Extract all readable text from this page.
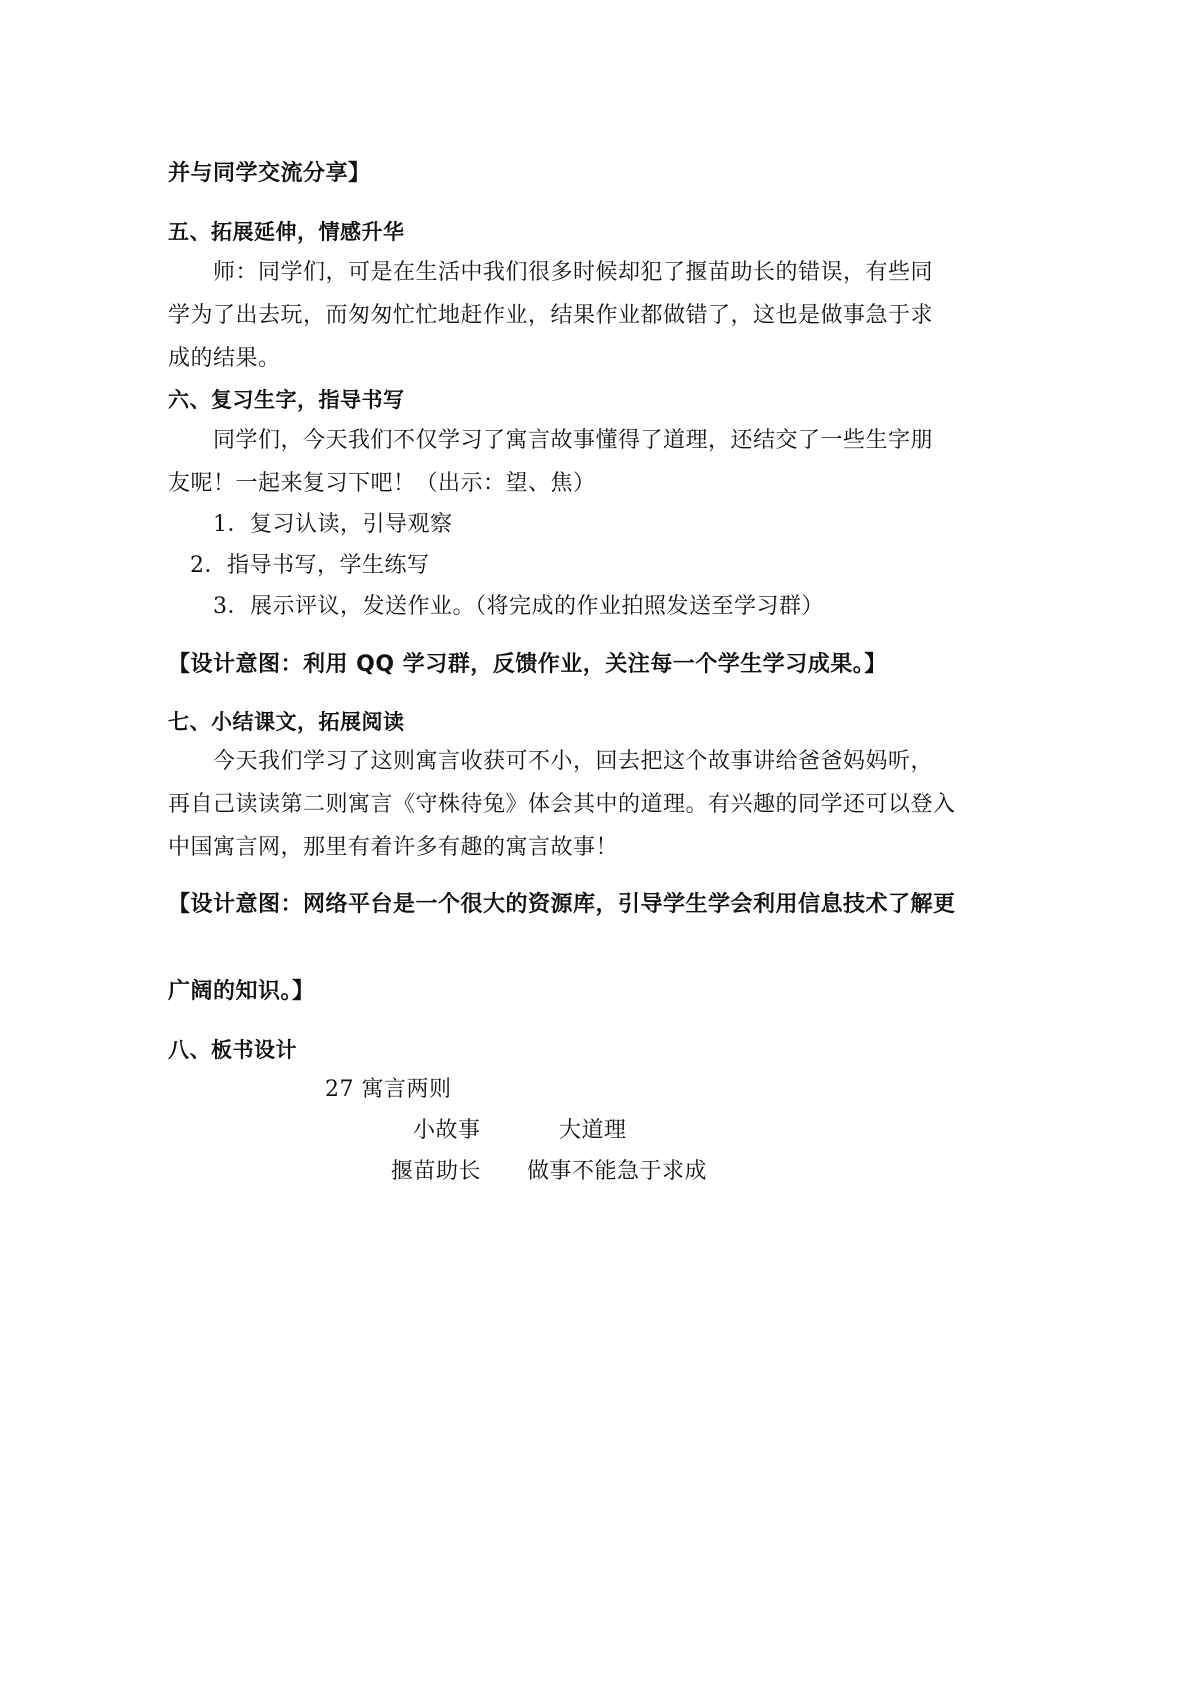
并与同学交流分享】
五、拓展延伸，情感升华
师：同学们，可是在生活中我们很多时候却犯了揠苗助长的错误，有些同
学为了出去玩，而匆匆忙忙地赶作业，结果作业都做错了，这也是做事急于求
成的结果。
六、复习生字，指导书写
同学们，今天我们不仅学习了寓言故事懂得了道理，还结交了一些生字朋
友呢！一起来复习下吧！（出示：望、焦）
1．复习认读，引导观察
2．指导书写，学生练写
3．展示评议，发送作业。（将完成的作业拍照发送至学习群）
【设计意图：利用 QQ 学习群，反馈作业，关注每一个学生学习成果。】
七、小结课文，拓展阅读
今天我们学习了这则寓言收获可不小，回去把这个故事讲给爸爸妈妈听，
再自己读读第二则寓言《守株待兔》体会其中的道理。有兴趣的同学还可以登入
中国寓言网，那里有着许多有趣的寓言故事！
【设计意图：网络平台是一个很大的资源库，引导学生学会利用信息技术了解更
广阔的知识。】
八、板书设计
27 寓言两则
小故事	大道理
揠苗助长 做事不能急于求成
